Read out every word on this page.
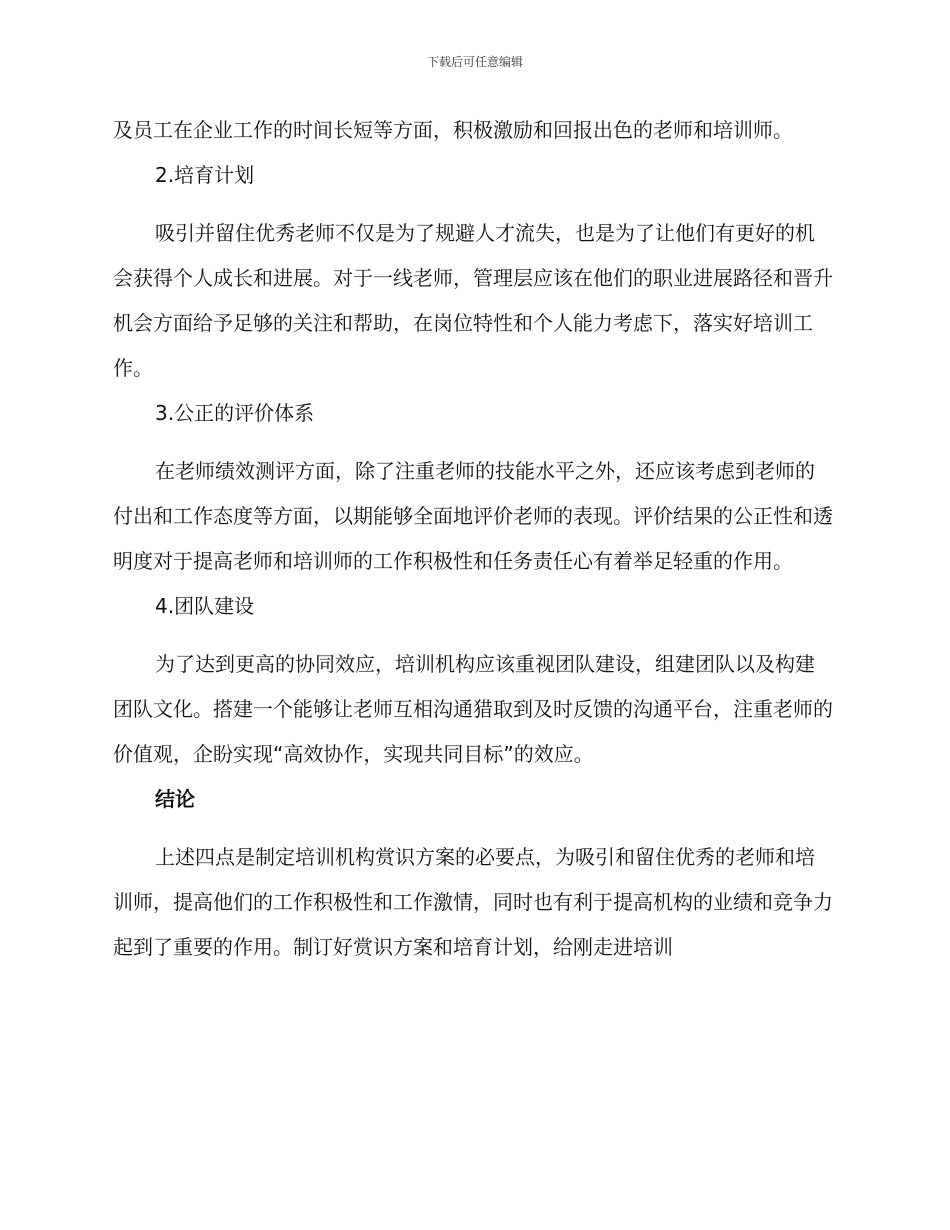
下载后可任意编辑

及员工在企业工作的时间长短等方面，积极激励和回报出色的老师和培训师。

2.培育计划

吸引并留住优秀老师不仅是为了规避人才流失，也是为了让他们有更好的机会获得个人成长和进展。对于一线老师，管理层应该在他们的职业进展路径和晋升机会方面给予足够的关注和帮助，在岗位特性和个人能力考虑下，落实好培训工作。

3.公正的评价体系

在老师绩效测评方面，除了注重老师的技能水平之外，还应该考虑到老师的付出和工作态度等方面，以期能够全面地评价老师的表现。评价结果的公正性和透明度对于提高老师和培训师的工作积极性和任务责任心有着举足轻重的作用。

4.团队建设

为了达到更高的协同效应，培训机构应该重视团队建设，组建团队以及构建团队文化。搭建一个能够让老师互相沟通猎取到及时反馈的沟通平台，注重老师的价值观，企盼实现“高效协作，实现共同目标”的效应。

结论

上述四点是制定培训机构赏识方案的必要点，为吸引和留住优秀的老师和培训师，提高他们的工作积极性和工作激情，同时也有利于提高机构的业绩和竞争力起到了重要的作用。制订好赏识方案和培育计划，给刚走进培训
